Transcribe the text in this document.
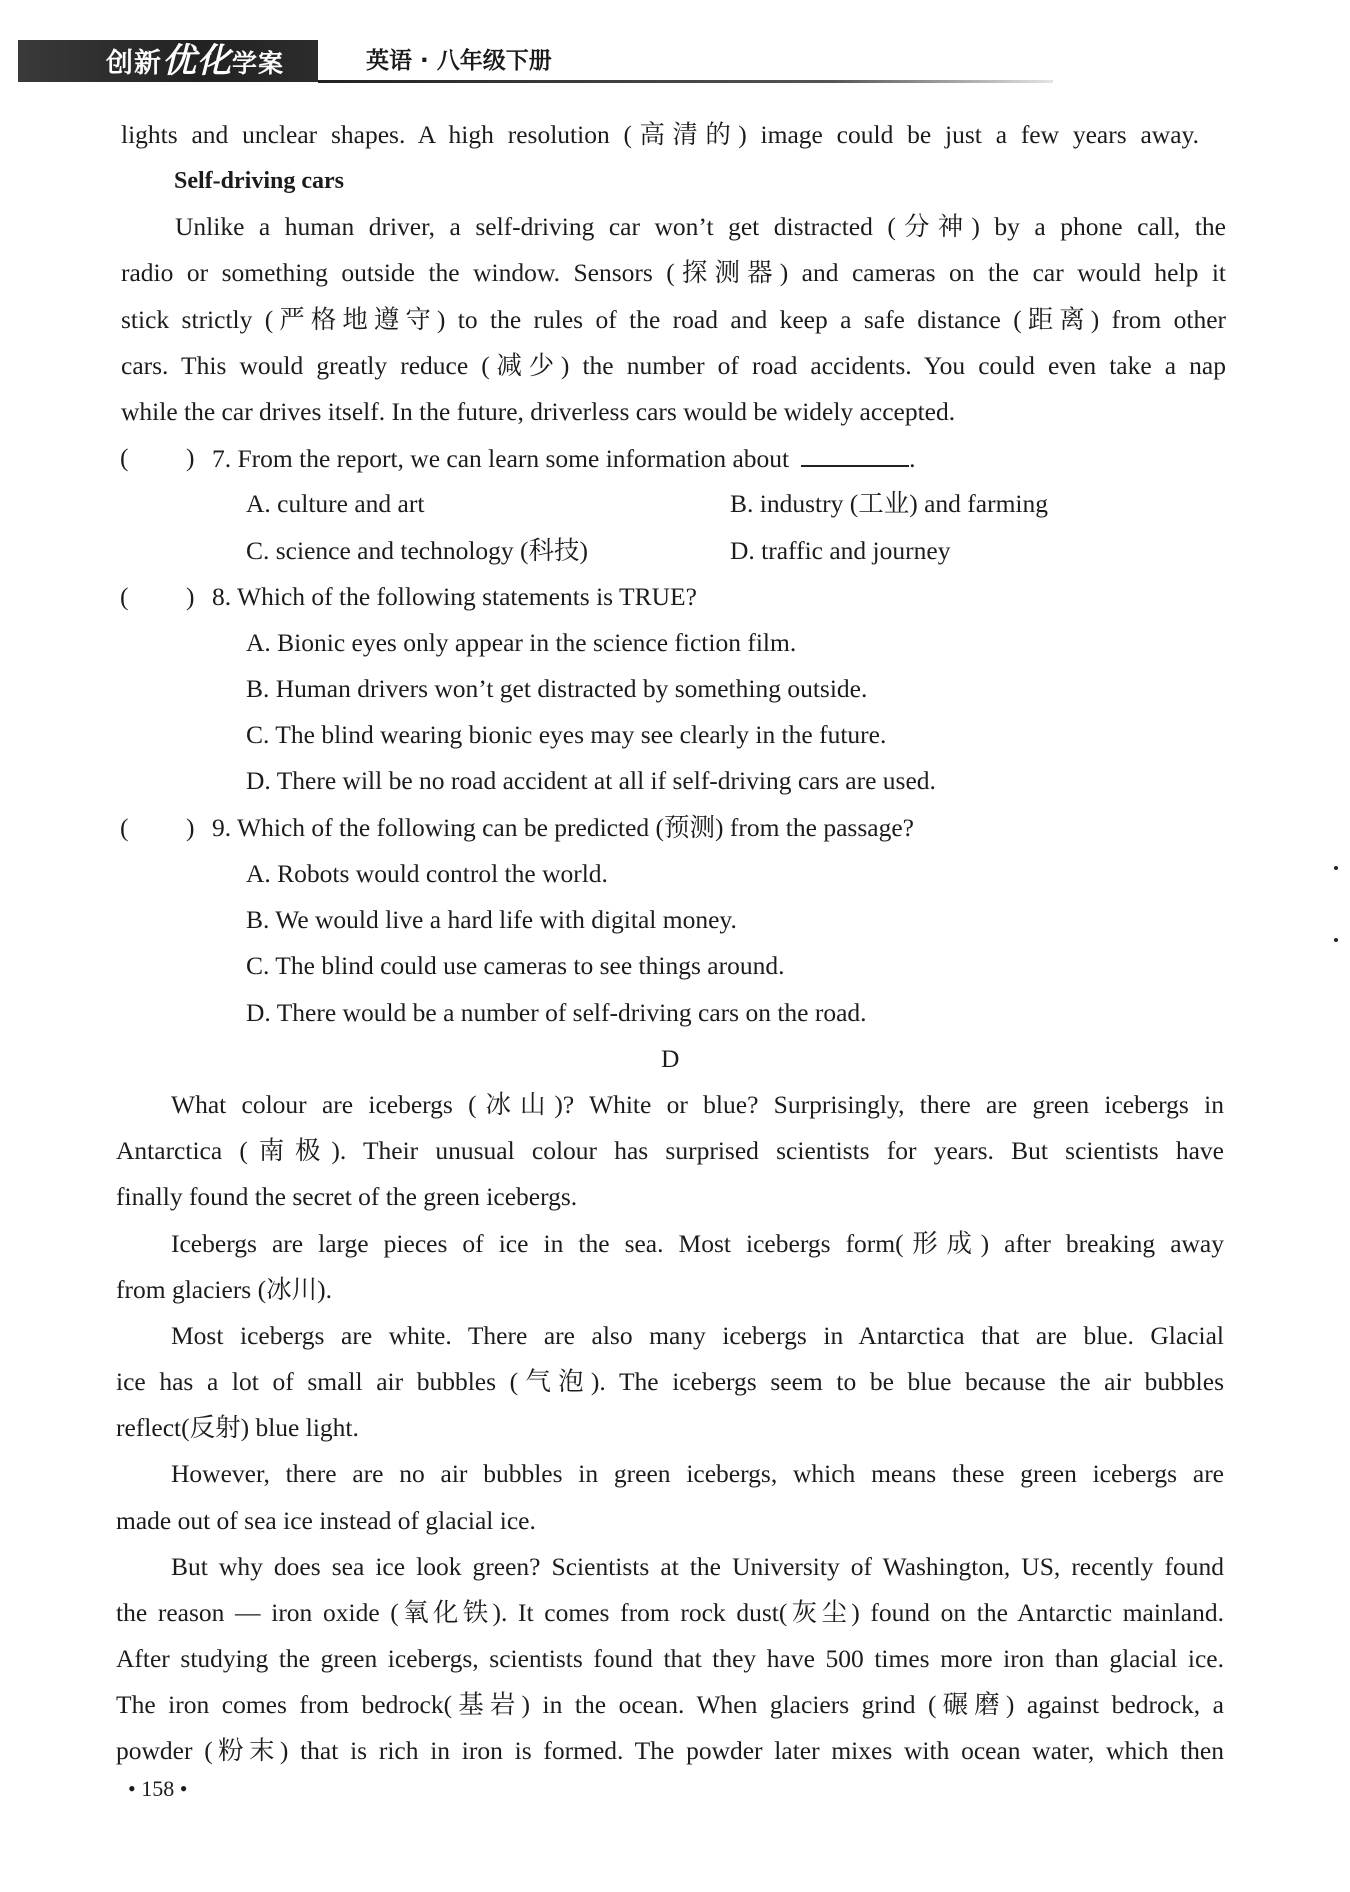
创新优化学案	英语 · 八年级下册
lights and unclear shapes. A high resolution (高清的) image could be just a few years away.
Self-driving cars
Unlike a human driver, a self-driving car won’t get distracted (分神) by a phone call, the
radio or something outside the window. Sensors (探测器) and cameras on the car would help it
stick strictly (严格地遵守) to the rules of the road and keep a safe distance (距离) from other
cars. This would greatly reduce (减少) the number of road accidents. You could even take a nap
while the car drives itself. In the future, driverless cars would be widely accepted.
( ) 7. From the report, we can learn some information about	.
A. culture and art	B. industry (工业) and farming
C. science and technology (科技)	D. traffic and journey
( ) 8. Which of the following statements is TRUE?
A. Bionic eyes only appear in the science fiction film.
B. Human drivers won’t get distracted by something outside.
C. The blind wearing bionic eyes may see clearly in the future.
D. There will be no road accident at all if self-driving cars are used.
( ) 9. Which of the following can be predicted (预测) from the passage?
A. Robots would control the world.
B. We would live a hard life with digital money.
C. The blind could use cameras to see things around.
D. There would be a number of self-driving cars on the road.
D
What colour are icebergs (冰山)? White or blue? Surprisingly, there are green icebergs in
Antarctica (南极). Their unusual colour has surprised scientists for years. But scientists have
finally found the secret of the green icebergs.
Icebergs are large pieces of ice in the sea. Most icebergs form(形成) after breaking away
from glaciers (冰川).
Most icebergs are white. There are also many icebergs in Antarctica that are blue. Glacial
ice has a lot of small air bubbles (气泡). The icebergs seem to be blue because the air bubbles
reflect(反射) blue light.
However, there are no air bubbles in green icebergs, which means these green icebergs are
made out of sea ice instead of glacial ice.
But why does sea ice look green? Scientists at the University of Washington, US, recently found
the reason — iron oxide (氧化铁). It comes from rock dust(灰尘) found on the Antarctic mainland.
After studying the green icebergs, scientists found that they have 500 times more iron than glacial ice.
The iron comes from bedrock(基岩) in the ocean. When glaciers grind (碾磨) against bedrock, a
powder (粉末) that is rich in iron is formed. The powder later mixes with ocean water, which then
• 158 •
